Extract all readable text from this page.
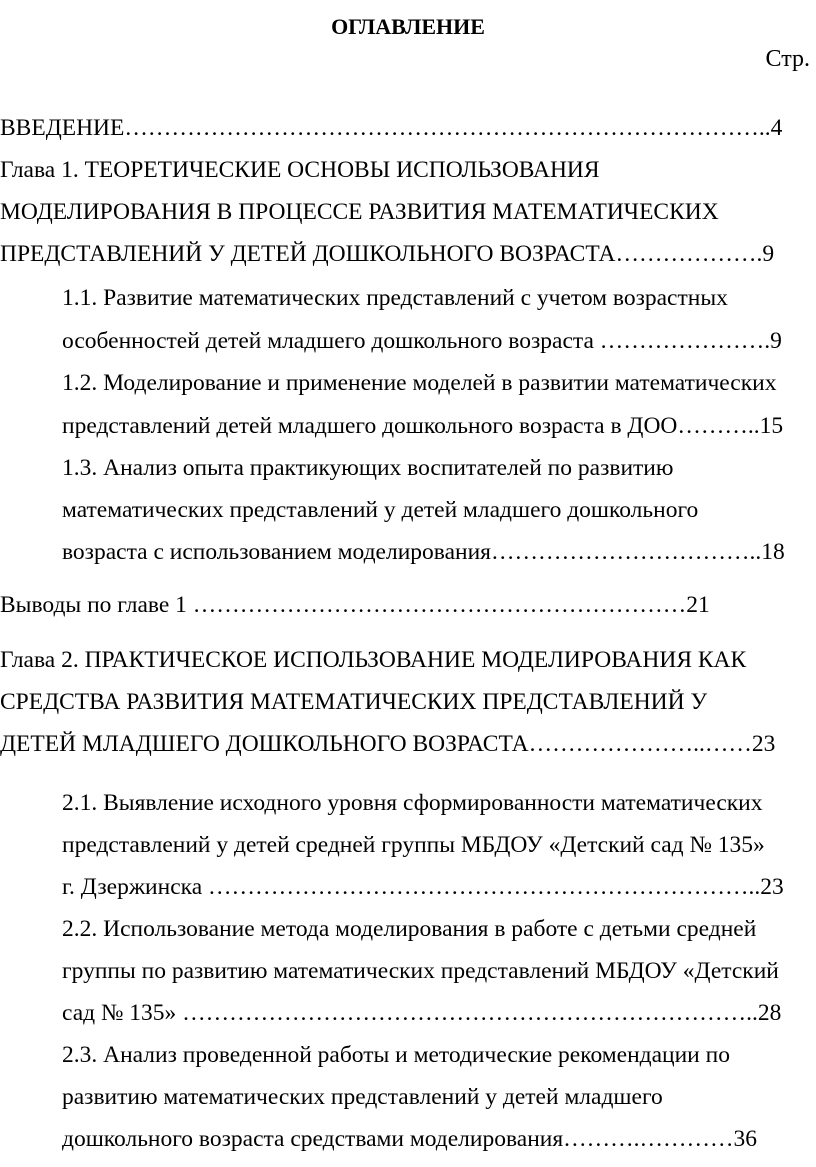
ОГЛАВЛЕНИЕ
Стр.
ВВЕДЕНИЕ………………………………………………………………………..4
Глава 1. ТЕОРЕТИЧЕСКИЕ ОСНОВЫ ИСПОЛЬЗОВАНИЯ
МОДЕЛИРОВАНИЯ В ПРОЦЕССЕ РАЗВИТИЯ МАТЕМАТИЧЕСКИХ
ПРЕДСТАВЛЕНИЙ У ДЕТЕЙ ДОШКОЛЬНОГО ВОЗРАСТА……………….9
1.1. Развитие математических представлений с учетом возрастных
особенностей детей младшего дошкольного возраста ………………….9
1.2. Моделирование и применение моделей в развитии математических
представлений детей младшего дошкольного возраста в ДОО………..15
1.3. Анализ опыта практикующих воспитателей по развитию
математических представлений у детей младшего дошкольного
возраста с использованием моделирования……………………………..18
Выводы по главе 1 ………………………………………………………21
Глава 2. ПРАКТИЧЕСКОЕ ИСПОЛЬЗОВАНИЕ МОДЕЛИРОВАНИЯ КАК
СРЕДСТВА РАЗВИТИЯ МАТЕМАТИЧЕСКИХ ПРЕДСТАВЛЕНИЙ У
ДЕТЕЙ МЛАДШЕГО ДОШКОЛЬНОГО ВОЗРАСТА…………………..……23
2.1. Выявление исходного уровня сформированности математических
представлений у детей средней группы МБДОУ «Детский сад № 135»
г. Дзержинска ……………………………………………………………..23
2.2. Использование метода моделирования в работе с детьми средней
группы по развитию математических представлений МБДОУ «Детский
сад № 135» ………………………………………………………………..28
2.3. Анализ проведенной работы и методические рекомендации по
развитию математических представлений у детей младшего
дошкольного возраста средствами моделирования……….…………36
